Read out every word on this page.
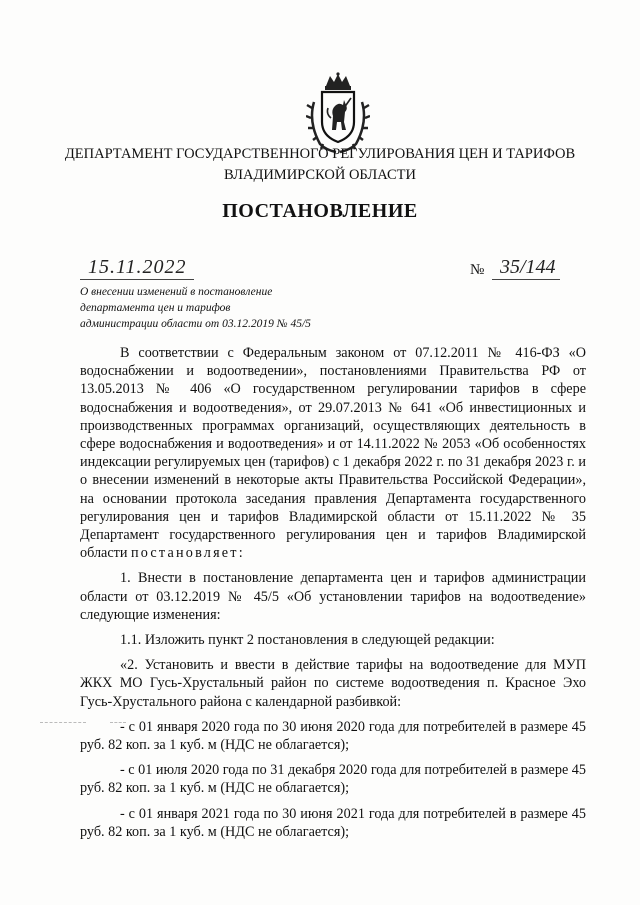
ДЕПАРТАМЕНТ ГОСУДАРСТВЕННОГО РЕГУЛИРОВАНИЯ ЦЕН И ТАРИФОВ
ВЛАДИМИРСКОЙ ОБЛАСТИ
ПОСТАНОВЛЕНИЕ
15.11.2022	№ 35/144
О внесении изменений в постановление
департамента цен и тарифов
администрации области от 03.12.2019 № 45/5

В соответствии с Федеральным законом от 07.12.2011 № 416-ФЗ «О водоснабжении и водоотведении», постановлениями Правительства РФ от 13.05.2013 № 406 «О государственном регулировании тарифов в сфере водоснабжения и водоотведения», от 29.07.2013 № 641 «Об инвестиционных и производственных программах организаций, осуществляющих деятельность в сфере водоснабжения и водоотведения» и от 14.11.2022 № 2053 «Об особенностях индексации регулируемых цен (тарифов) с 1 декабря 2022 г. по 31 декабря 2023 г. и о внесении изменений в некоторые акты Правительства Российской Федерации», на основании протокола заседания правления Департамента государственного регулирования цен и тарифов Владимирской области от 15.11.2022 № 35 Департамент государственного регулирования цен и тарифов Владимирской области постановляет:

1. Внести в постановление департамента цен и тарифов администрации области от 03.12.2019 № 45/5 «Об установлении тарифов на водоотведение» следующие изменения:

1.1. Изложить пункт 2 постановления в следующей редакции:

«2. Установить и ввести в действие тарифы на водоотведение для МУП ЖКХ МО Гусь-Хрустальный район по системе водоотведения п. Красное Эхо Гусь-Хрустального района с календарной разбивкой:

- с 01 января 2020 года по 30 июня 2020 года для потребителей в размере 45 руб. 82 коп. за 1 куб. м (НДС не облагается);

- с 01 июля 2020 года по 31 декабря 2020 года для потребителей в размере 45 руб. 82 коп. за 1 куб. м (НДС не облагается);

- с 01 января 2021 года по 30 июня 2021 года для потребителей в размере 45 руб. 82 коп. за 1 куб. м (НДС не облагается);
